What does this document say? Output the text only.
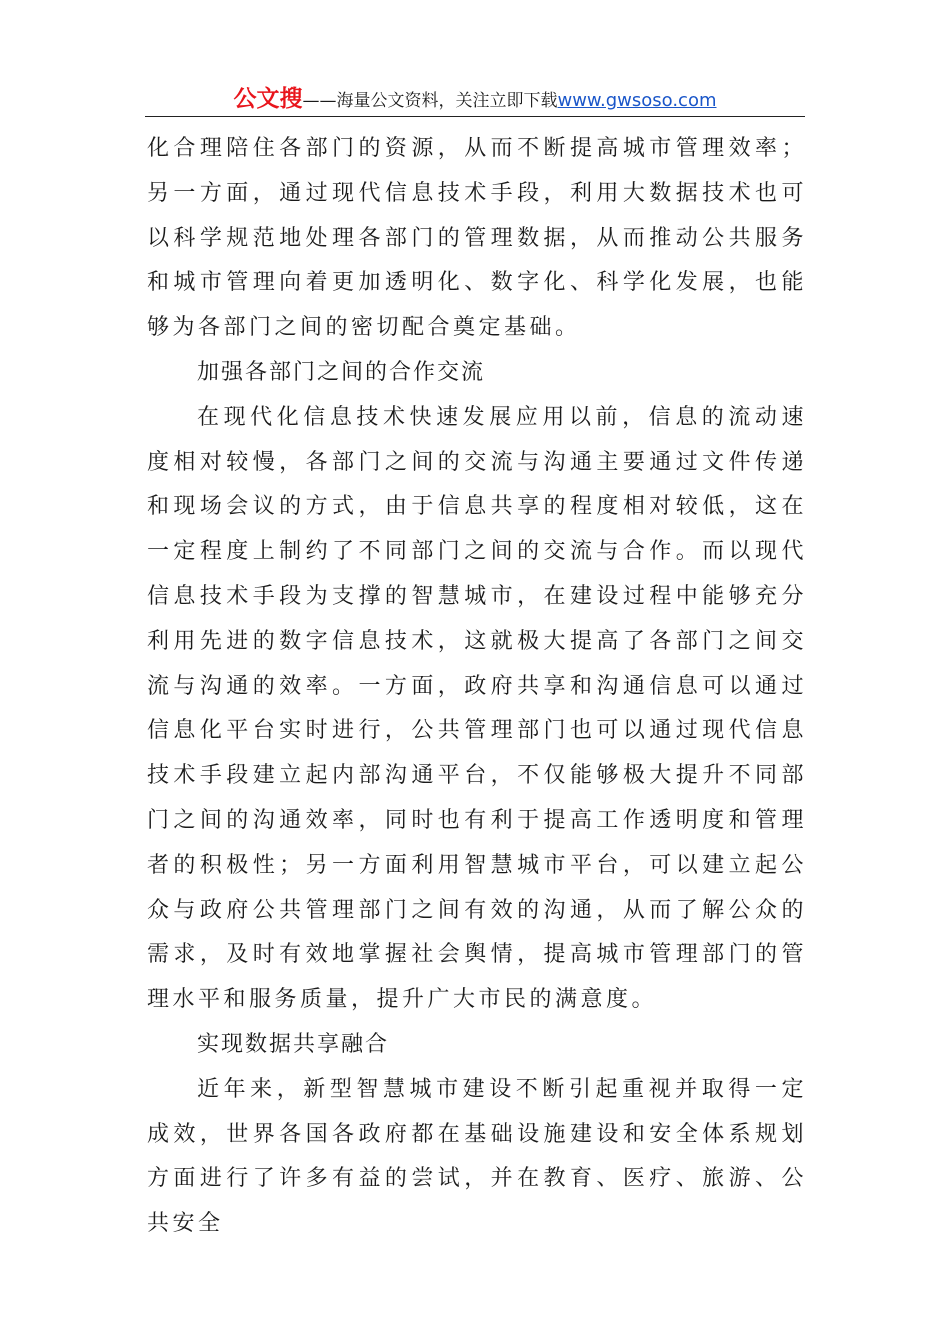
公文搜——海量公文资料，关注立即下载www.gwsoso.com

化合理陪住各部门的资源，从而不断提高城市管理效率；另一方面，通过现代信息技术手段，利用大数据技术也可以科学规范地处理各部门的管理数据，从而推动公共服务和城市管理向着更加透明化、数字化、科学化发展，也能够为各部门之间的密切配合奠定基础。

加强各部门之间的合作交流

在现代化信息技术快速发展应用以前，信息的流动速度相对较慢，各部门之间的交流与沟通主要通过文件传递和现场会议的方式，由于信息共享的程度相对较低，这在一定程度上制约了不同部门之间的交流与合作。而以现代信息技术手段为支撑的智慧城市，在建设过程中能够充分利用先进的数字信息技术，这就极大提高了各部门之间交流与沟通的效率。一方面，政府共享和沟通信息可以通过信息化平台实时进行，公共管理部门也可以通过现代信息技术手段建立起内部沟通平台，不仅能够极大提升不同部门之间的沟通效率，同时也有利于提高工作透明度和管理者的积极性；另一方面利用智慧城市平台，可以建立起公众与政府公共管理部门之间有效的沟通，从而了解公众的需求，及时有效地掌握社会舆情，提高城市管理部门的管理水平和服务质量，提升广大市民的满意度。

实现数据共享融合

近年来，新型智慧城市建设不断引起重视并取得一定成效，世界各国各政府都在基础设施建设和安全体系规划方面进行了许多有益的尝试，并在教育、医疗、旅游、公共安全
